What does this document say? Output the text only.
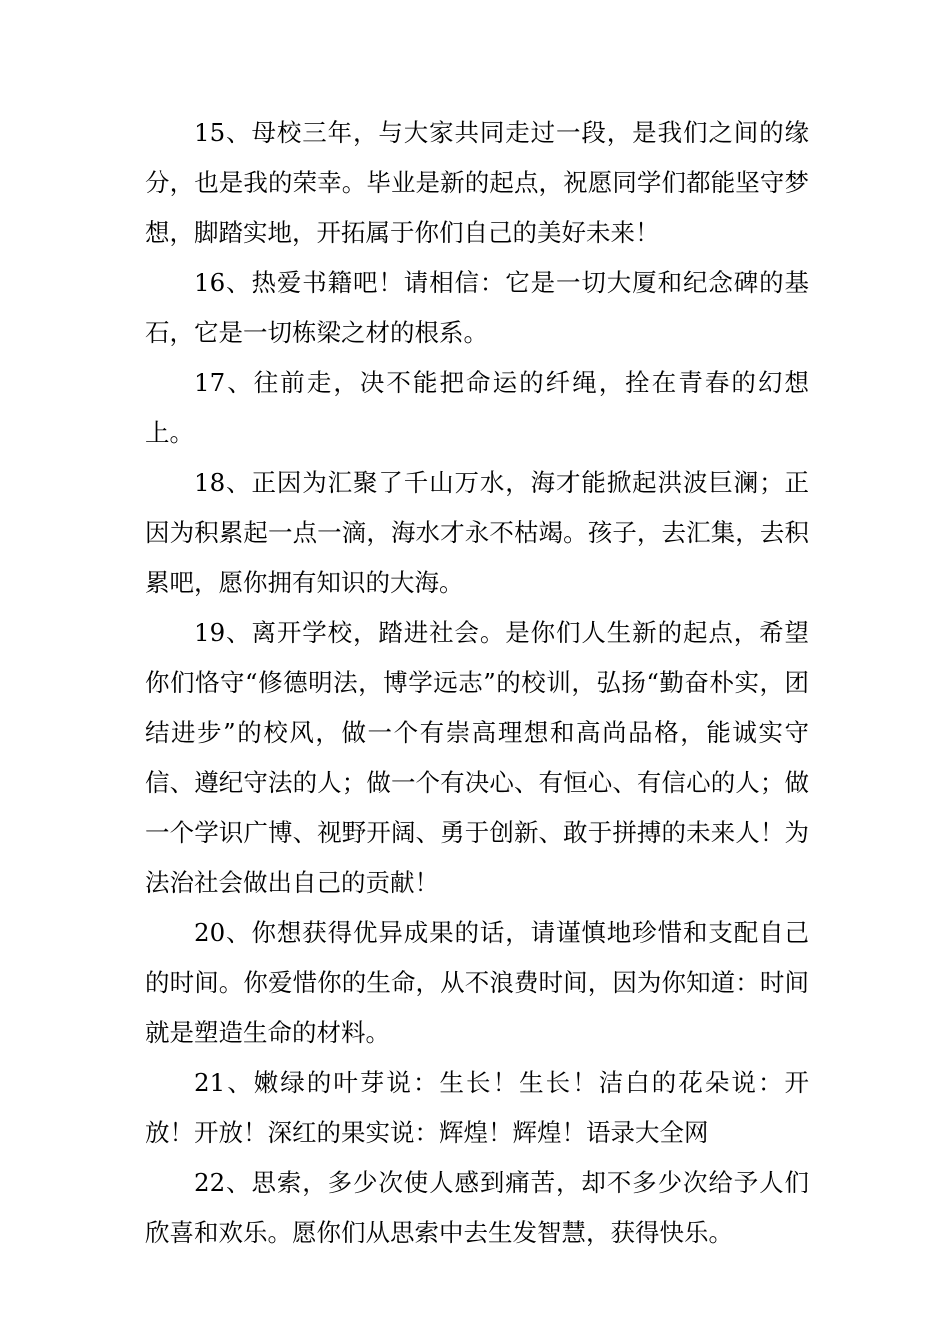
15、母校三年，与大家共同走过一段，是我们之间的缘分，也是我的荣幸。毕业是新的起点，祝愿同学们都能坚守梦想，脚踏实地，开拓属于你们自己的美好未来！

16、热爱书籍吧！请相信：它是一切大厦和纪念碑的基石，它是一切栋梁之材的根系。

17、往前走，决不能把命运的纤绳，拴在青春的幻想上。

18、正因为汇聚了千山万水，海才能掀起洪波巨澜；正因为积累起一点一滴，海水才永不枯竭。孩子，去汇集，去积累吧，愿你拥有知识的大海。

19、离开学校，踏进社会。是你们人生新的起点，希望你们恪守“修德明法，博学远志”的校训，弘扬“勤奋朴实，团结进步”的校风，做一个有崇高理想和高尚品格，能诚实守信、遵纪守法的人；做一个有决心、有恒心、有信心的人；做一个学识广博、视野开阔、勇于创新、敢于拼搏的未来人！为法治社会做出自己的贡献！

20、你想获得优异成果的话，请谨慎地珍惜和支配自己的时间。你爱惜你的生命，从不浪费时间，因为你知道：时间就是塑造生命的材料。

21、嫩绿的叶芽说：生长！生长！洁白的花朵说：开放！开放！深红的果实说：辉煌！辉煌！语录大全网

22、思索，多少次使人感到痛苦，却不多少次给予人们欣喜和欢乐。愿你们从思索中去生发智慧，获得快乐。
